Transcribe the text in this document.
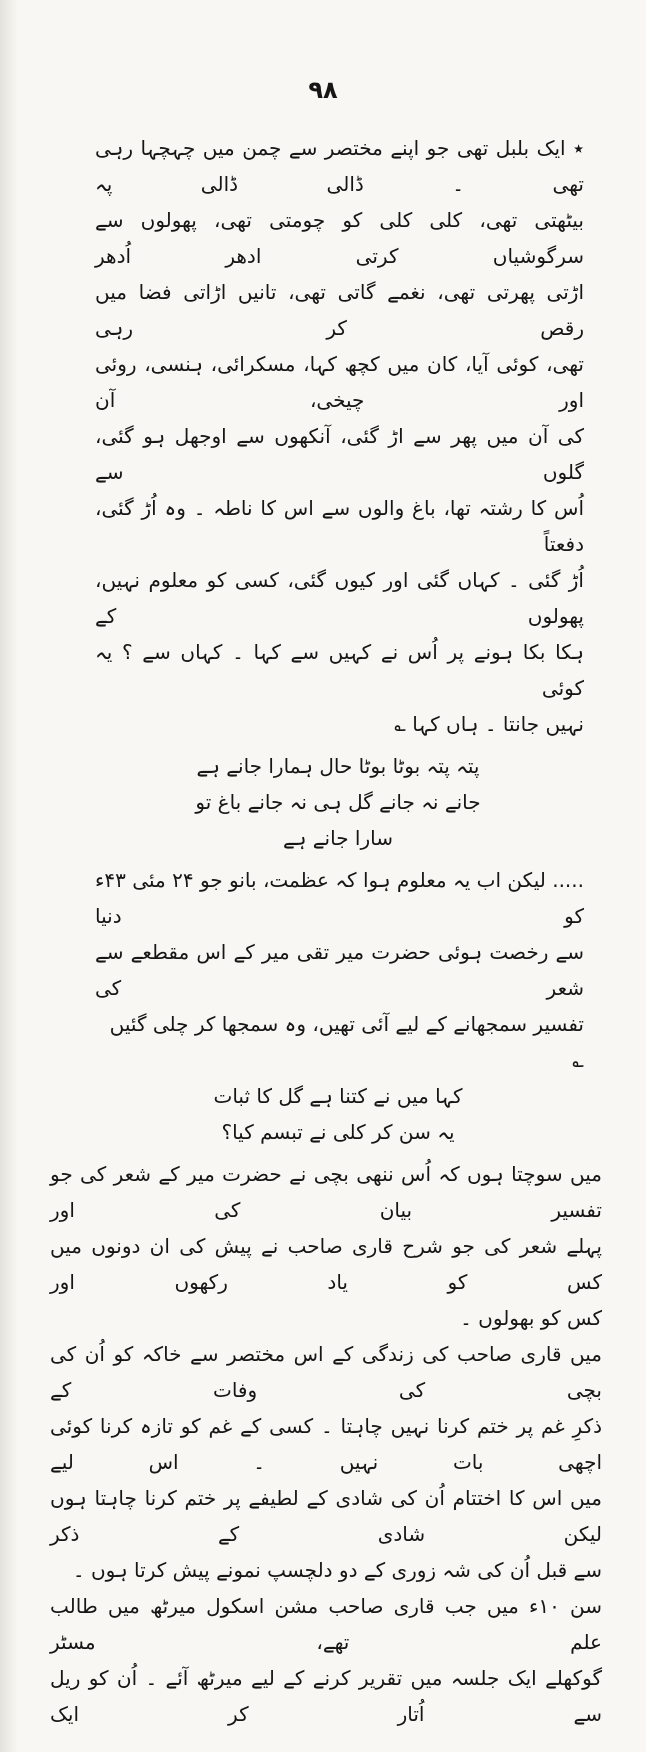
۹۸
٭ ایک بلبل تھی جو اپنے مختصر سے چمن میں چہچہا رہی تھی ۔ ڈالی ڈالی پہ
بیٹھتی تھی، کلی کلی کو چومتی تھی، پھولوں سے سرگوشیاں کرتی ادھر اُدھر
اڑتی پھرتی تھی، نغمے گاتی تھی، تانیں اڑاتی فضا میں رقص کر رہی
تھی، کوئی آیا، کان میں کچھ کہا، مسکرائی، ہنسی، روئی اور چیخی، آن
کی آن میں پھر سے اڑ گئی، آنکھوں سے اوجھل ہو گئی، گلوں سے
اُس کا رشتہ تھا، باغ والوں سے اس کا ناطہ ۔ وہ اُڑ گئی، دفعتاً
اُڑ گئی ۔ کہاں گئی اور کیوں گئی، کسی کو معلوم نہیں، پھولوں کے
ہکا بکا ہونے پر اُس نے کہیں سے کہا ۔ کہاں سے ؟ یہ کوئی
نہیں جانتا ۔ ہاں کہا ؎
پتہ پتہ بوٹا بوٹا حال ہمارا جانے ہے
جانے نہ جانے گل ہی نہ جانے باغ تو سارا جانے ہے
..... لیکن اب یہ معلوم ہوا کہ عظمت، بانو جو ۲۴ مئی ۴۳ء کو دنیا
سے رخصت ہوئی حضرت میر تقی میر کے اس مقطعے سے شعر کی
تفسیر سمجھانے کے لیے آئی تھیں، وہ سمجھا کر چلی گئیں ؎
کہا میں نے کتنا ہے گل کا ثبات
یہ سن کر کلی نے تبسم کیا؟
میں سوچتا ہوں کہ اُس ننھی بچی نے حضرت میر کے شعر کی جو تفسیر بیان کی اور
پہلے شعر کی جو شرح قاری صاحب نے پیش کی ان دونوں میں کس کو یاد رکھوں اور
کس کو بھولوں ۔
میں قاری صاحب کی زندگی کے اس مختصر سے خاکہ کو اُن کی بچی کی وفات کے
ذکرِ غم پر ختم کرنا نہیں چاہتا ۔ کسی کے غم کو تازہ کرنا کوئی اچھی بات نہیں ۔ اس لیے
میں اس کا اختتام اُن کی شادی کے لطیفے پر ختم کرنا چاہتا ہوں لیکن شادی کے ذکر
سے قبل اُن کی شہ زوری کے دو دلچسپ نمونے پیش کرتا ہوں ۔
سن ۱۰ء میں جب قاری صاحب مشن اسکول میرٹھ میں طالب علم تھے، مسٹر
گوکھلے ایک جلسہ میں تقریر کرنے کے لیے میرٹھ آئے ۔ اُن کو ریل سے اُتار کر ایک
